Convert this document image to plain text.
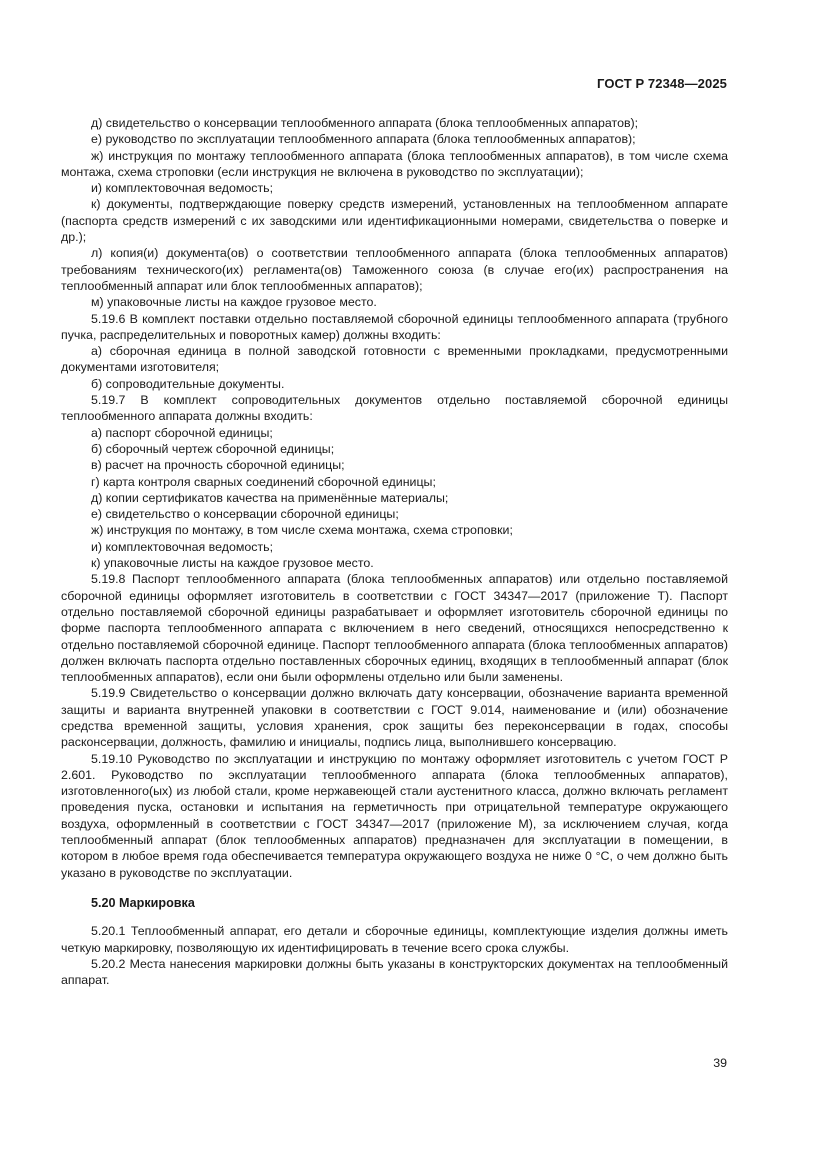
ГОСТ Р 72348—2025

д) свидетельство о консервации теплообменного аппарата (блока теплообменных аппаратов);

е) руководство по эксплуатации теплообменного аппарата (блока теплообменных аппаратов);

ж) инструкция по монтажу теплообменного аппарата (блока теплообменных аппаратов), в том числе схема монтажа, схема строповки (если инструкция не включена в руководство по эксплуатации);

и) комплектовочная ведомость;

к) документы, подтверждающие поверку средств измерений, установленных на теплообменном аппарате (паспорта средств измерений с их заводскими или идентификационными номерами, свидетельства о поверке и др.);

л) копия(и) документа(ов) о соответствии теплообменного аппарата (блока теплообменных аппаратов) требованиям технического(их) регламента(ов) Таможенного союза (в случае его(их) распространения на теплообменный аппарат или блок теплообменных аппаратов);

м) упаковочные листы на каждое грузовое место.

5.19.6 В комплект поставки отдельно поставляемой сборочной единицы теплообменного аппарата (трубного пучка, распределительных и поворотных камер) должны входить:

а) сборочная единица в полной заводской готовности с временными прокладками, предусмотренными документами изготовителя;

б) сопроводительные документы.

5.19.7 В комплект сопроводительных документов отдельно поставляемой сборочной единицы теплообменного аппарата должны входить:

а) паспорт сборочной единицы;

б) сборочный чертеж сборочной единицы;

в) расчет на прочность сборочной единицы;

г) карта контроля сварных соединений сборочной единицы;

д) копии сертификатов качества на применённые материалы;

е) свидетельство о консервации сборочной единицы;

ж) инструкция по монтажу, в том числе схема монтажа, схема строповки;

и) комплектовочная ведомость;

к) упаковочные листы на каждое грузовое место.

5.19.8 Паспорт теплообменного аппарата (блока теплообменных аппаратов) или отдельно поставляемой сборочной единицы оформляет изготовитель в соответствии с ГОСТ 34347—2017 (приложение Т). Паспорт отдельно поставляемой сборочной единицы разрабатывает и оформляет изготовитель сборочной единицы по форме паспорта теплообменного аппарата с включением в него сведений, относящихся непосредственно к отдельно поставляемой сборочной единице. Паспорт теплообменного аппарата (блока теплообменных аппаратов) должен включать паспорта отдельно поставленных сборочных единиц, входящих в теплообменный аппарат (блок теплообменных аппаратов), если они были оформлены отдельно или были заменены.

5.19.9 Свидетельство о консервации должно включать дату консервации, обозначение варианта временной защиты и варианта внутренней упаковки в соответствии с ГОСТ 9.014, наименование и (или) обозначение средства временной защиты, условия хранения, срок защиты без переконсервации в годах, способы расконсервации, должность, фамилию и инициалы, подпись лица, выполнившего консервацию.

5.19.10 Руководство по эксплуатации и инструкцию по монтажу оформляет изготовитель с учетом ГОСТ Р 2.601. Руководство по эксплуатации теплообменного аппарата (блока теплообменных аппаратов), изготовленного(ых) из любой стали, кроме нержавеющей стали аустенитного класса, должно включать регламент проведения пуска, остановки и испытания на герметичность при отрицательной температуре окружающего воздуха, оформленный в соответствии с ГОСТ 34347—2017 (приложение М), за исключением случая, когда теплообменный аппарат (блок теплообменных аппаратов) предназначен для эксплуатации в помещении, в котором в любое время года обеспечивается температура окружающего воздуха не ниже 0 °С, о чем должно быть указано в руководстве по эксплуатации.

5.20 Маркировка

5.20.1 Теплообменный аппарат, его детали и сборочные единицы, комплектующие изделия должны иметь четкую маркировку, позволяющую их идентифицировать в течение всего срока службы.

5.20.2 Места нанесения маркировки должны быть указаны в конструкторских документах на теплообменный аппарат.

39
